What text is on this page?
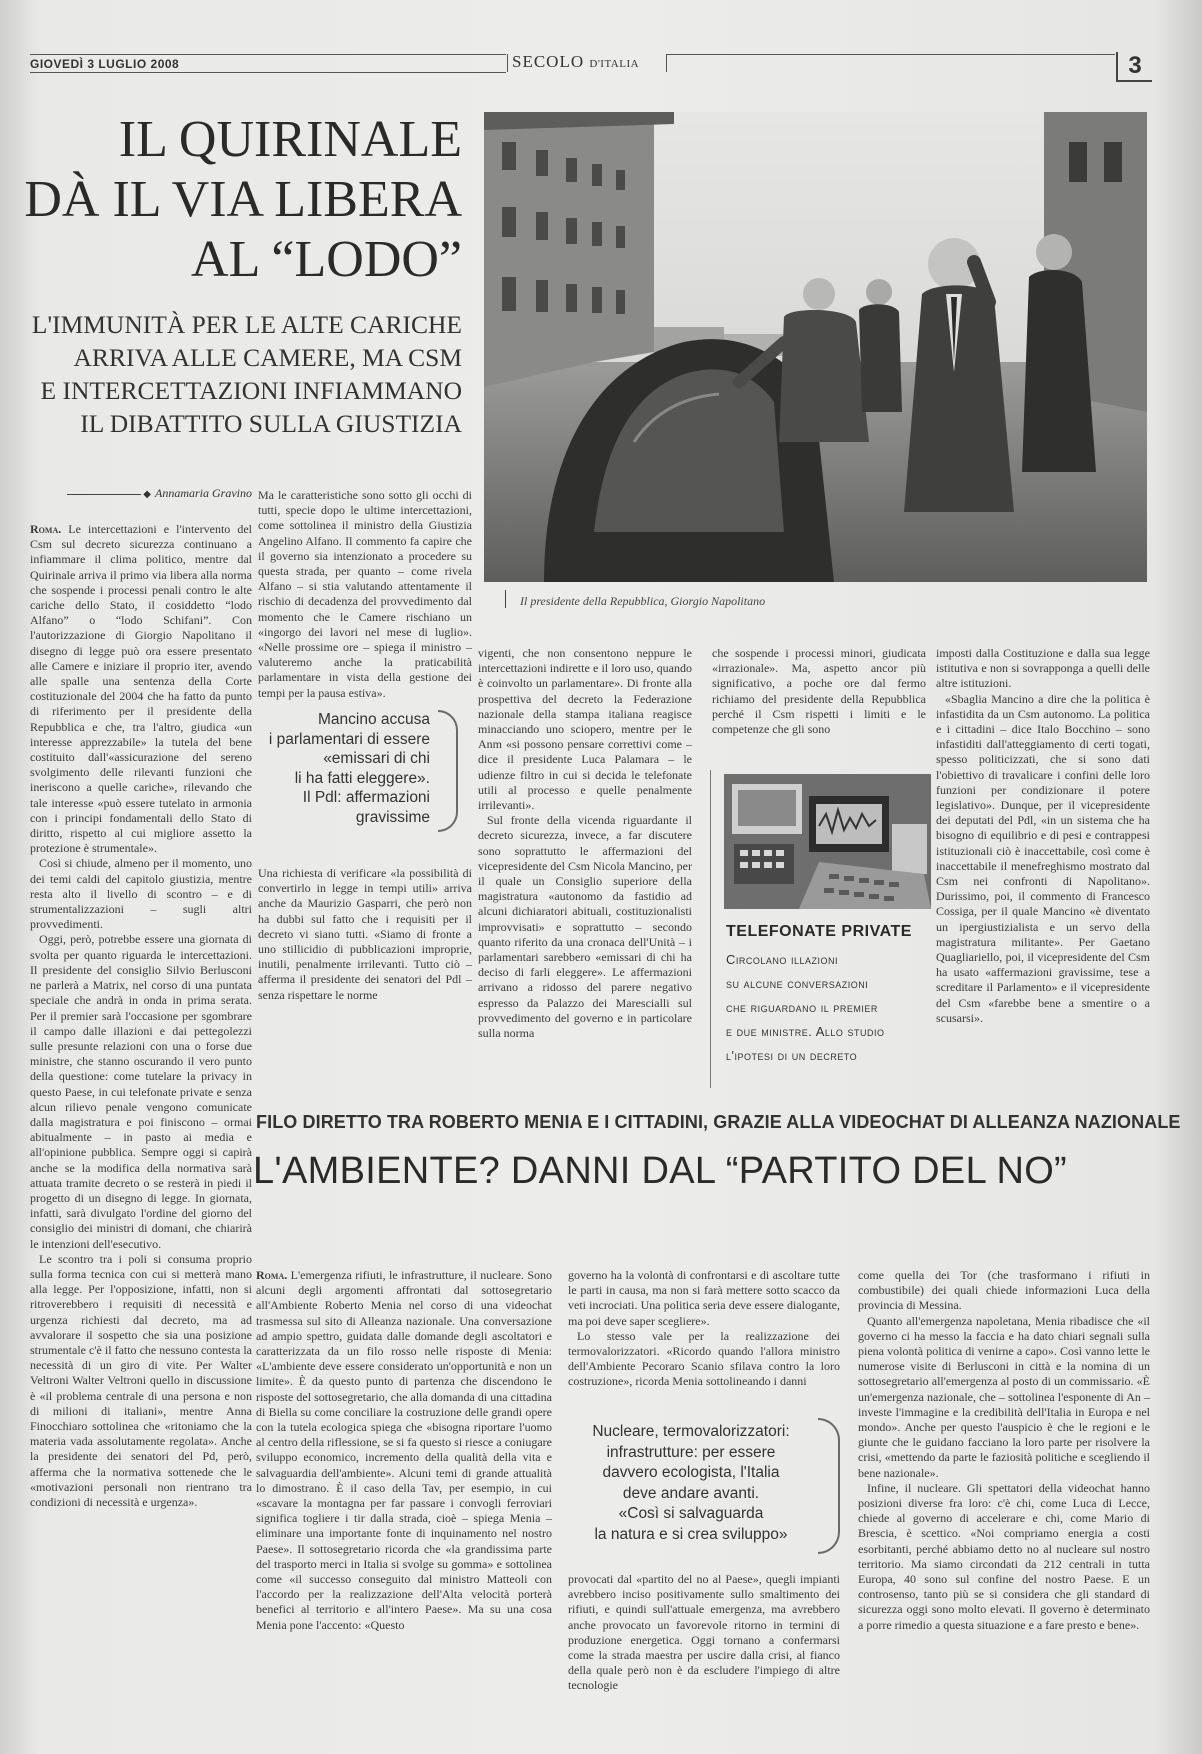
GIOVEDÌ 3 LUGLIO 2008	SECOLO D'ITALIA	3
IL QUIRINALE
DÀ IL VIA LIBERA
AL “LODO”
L'IMMUNITÀ PER LE ALTE CARICHE
ARRIVA ALLE CAMERE, MA CSM
E INTERCETTAZIONI INFIAMMANO
IL DIBATTITO SULLA GIUSTIZIA
Il presidente della Repubblica, Giorgio Napolitano
◆ Annamaria Gravino

Roma. Le intercettazioni e l'intervento del Csm sul decreto sicurezza continuano a infiammare il clima politico, mentre dal Quirinale arriva il primo via libera alla norma che sospende i processi penali contro le alte cariche dello Stato, il cosiddetto “lodo Alfano” o “lodo Schifani”. Con l'autorizzazione di Giorgio Napolitano il disegno di legge può ora essere presentato alle Camere e iniziare il proprio iter, avendo alle spalle una sentenza della Corte costituzionale del 2004 che ha fatto da punto di riferimento per il presidente della Repubblica e che, tra l'altro, giudica «un interesse apprezzabile» la tutela del bene costituito dall'«assicurazione del sereno svolgimento delle rilevanti funzioni che ineriscono a quelle cariche», rilevando che tale interesse «può essere tutelato in armonia con i principi fondamentali dello Stato di diritto, rispetto al cui migliore assetto la protezione è strumentale».

Così si chiude, almeno per il momento, uno dei temi caldi del capitolo giustizia, mentre resta alto il livello di scontro – e di strumentalizzazioni – sugli altri provvedimenti.

Oggi, però, potrebbe essere una giornata di svolta per quanto riguarda le intercettazioni. Il presidente del consiglio Silvio Berlusconi ne parlerà a Matrix, nel corso di una puntata speciale che andrà in onda in prima serata. Per il premier sarà l'occasione per sgombrare il campo dalle illazioni e dai pettegolezzi sulle presunte relazioni con una o forse due ministre, che stanno oscurando il vero punto della questione: come tutelare la privacy in questo Paese, in cui telefonate private e senza alcun rilievo penale vengono comunicate dalla magistratura e poi finiscono – ormai abitualmente – in pasto ai media e all'opinione pubblica. Sempre oggi si capirà anche se la modifica della normativa sarà attuata tramite decreto o se resterà in piedi il progetto di un disegno di legge. In giornata, infatti, sarà divulgato l'ordine del giorno del consiglio dei ministri di domani, che chiarirà le intenzioni dell'esecutivo.

Le scontro tra i poli si consuma proprio sulla forma tecnica con cui si metterà mano alla legge. Per l'opposizione, infatti, non si ritroverebbero i requisiti di necessità e urgenza richiesti dal decreto, ma ad avvalorare il sospetto che sia una posizione strumentale c'è il fatto che nessuno contesta la necessità di un giro di vite. Per Walter Veltroni Walter Veltroni quello in discussione è «il problema centrale di una persona e non di milioni di italiani», mentre Anna Finocchiaro sottolinea che «ritoniamo che la materia vada assolutamente regolata». Anche la presidente dei senatori del Pd, però, afferma che la normativa sottenede che le «motivazioni personali non rientrano tra condizioni di necessità e urgenza».

Ma le caratteristiche sono sotto gli occhi di tutti, specie dopo le ultime intercettazioni, come sottolinea il ministro della Giustizia Angelino Alfano. Il commento fa capire che il governo sia intenzionato a procedere su questa strada, per quanto – come rivela Alfano – si stia valutando attentamente il rischio di decadenza del provvedimento dal momento che le Camere rischiano un «ingorgo dei lavori nel mese di luglio». «Nelle prossime ore – spiega il ministro – valuteremo anche la praticabilità parlamentare in vista della gestione dei tempi per la pausa estiva».

Mancino accusa
i parlamentari di essere
«emissari di chi
li ha fatti eleggere».
Il Pdl: affermazioni
gravissime

Una richiesta di verificare «la possibilità di convertirlo in legge in tempi utili» arriva anche da Maurizio Gasparri, che però non ha dubbi sul fatto che i requisiti per il decreto vi siano tutti. «Siamo di fronte a uno stillicidio di pubblicazioni improprie, inutili, penalmente irrilevanti. Tutto ciò – afferma il presidente dei senatori del Pdl – senza rispettare le norme

vigenti, che non consentono neppure le intercettazioni indirette e il loro uso, quando è coinvolto un parlamentare». Di fronte alla prospettiva del decreto la Federazione nazionale della stampa italiana reagisce minacciando uno sciopero, mentre per le Anm «si possono pensare correttivi come – dice il presidente Luca Palamara – le udienze filtro in cui si decida le telefonate utili al processo e quelle penalmente irrilevanti».

Sul fronte della vicenda riguardante il decreto sicurezza, invece, a far discutere sono soprattutto le affermazioni del vicepresidente del Csm Nicola Mancino, per il quale un Consiglio superiore della magistratura «autonomo da fastidio ad alcuni dichiaratori abituali, costituzionalisti improvvisati» e soprattutto – secondo quanto riferito da una cronaca dell'Unità – i parlamentari sarebbero «emissari di chi ha deciso di farli eleggere». Le affermazioni arrivano a ridosso del parere negativo espresso da Palazzo dei Marescialli sul provvedimento del governo e in particolare sulla norma

che sospende i processi minori, giudicata «irrazionale». Ma, aspetto ancor più significativo, a poche ore dal fermo richiamo del presidente della Repubblica perché il Csm rispetti i limiti e le competenze che gli sono

TELEFONATE PRIVATE
Circolano illazioni
su alcune conversazioni
che riguardano il premier
e due ministre. Allo studio
l'ipotesi di un decreto

imposti dalla Costituzione e dalla sua legge istitutiva e non si sovrapponga a quelli delle altre istituzioni.

«Sbaglia Mancino a dire che la politica è infastidita da un Csm autonomo. La politica e i cittadini – dice Italo Bocchino – sono infastiditi dall'atteggiamento di certi togati, spesso politicizzati, che si sono dati l'obiettivo di travalicare i confini delle loro funzioni per condizionare il potere legislativo». Dunque, per il vicepresidente dei deputati del Pdl, «in un sistema che ha bisogno di equilibrio e di pesi e contrappesi istituzionali ciò è inaccettabile, così come è inaccettabile il menefreghismo mostrato dal Csm nei confronti di Napolitano». Durissimo, poi, il commento di Francesco Cossiga, per il quale Mancino «è diventato un ipergiustizialista e un servo della magistratura militante». Per Gaetano Quagliariello, poi, il vicepresidente del Csm ha usato «affermazioni gravissime, tese a screditare il Parlamento» e il vicepresidente del Csm «farebbe bene a smentire o a scusarsi».

FILO DIRETTO TRA ROBERTO MENIA E I CITTADINI, GRAZIE ALLA VIDEOCHAT DI ALLEANZA NAZIONALE
L'AMBIENTE? DANNI DAL “PARTITO DEL NO”

Roma. L'emergenza rifiuti, le infrastrutture, il nucleare. Sono alcuni degli argomenti affrontati dal sottosegretario all'Ambiente Roberto Menia nel corso di una videochat trasmessa sul sito di Alleanza nazionale. Una conversazione ad ampio spettro, guidata dalle domande degli ascoltatori e caratterizzata da un filo rosso nelle risposte di Menia: «L'ambiente deve essere considerato un'opportunità e non un limite». È da questo punto di partenza che discendono le risposte del sottosegretario, che alla domanda di una cittadina di Biella su come conciliare la costruzione delle grandi opere con la tutela ecologica spiega che «bisogna riportare l'uomo al centro della riflessione, se si fa questo si riesce a coniugare sviluppo economico, incremento della qualità della vita e salvaguardia dell'ambiente». Alcuni temi di grande attualità lo dimostrano. È il caso della Tav, per esempio, in cui «scavare la montagna per far passare i convogli ferroviari significa togliere i tir dalla strada, cioè – spiega Menia – eliminare una importante fonte di inquinamento nel nostro Paese». Il sottosegretario ricorda che «la grandissima parte del trasporto merci in Italia si svolge su gomma» e sottolinea come «il successo conseguito dal ministro Matteoli con l'accordo per la realizzazione dell'Alta velocità porterà benefici al territorio e all'intero Paese». Ma su una cosa Menia pone l'accento: «Questo

governo ha la volontà di confrontarsi e di ascoltare tutte le parti in causa, ma non si farà mettere sotto scacco da veti incrociati. Una politica seria deve essere dialogante, ma poi deve saper scegliere».

Lo stesso vale per la realizzazione dei termovalorizzatori. «Ricordo quando l'allora ministro dell'Ambiente Pecoraro Scanio sfilava contro la loro costruzione», ricorda Menia sottolineando i danni

Nucleare, termovalorizzatori:
infrastrutture: per essere
davvero ecologista, l'Italia
deve andare avanti.
«Così si salvaguarda
la natura e si crea sviluppo»

provocati dal «partito del no al Paese», quegli impianti avrebbero inciso positivamente sullo smaltimento dei rifiuti, e quindi sull'attuale emergenza, ma avrebbero anche provocato un favorevole ritorno in termini di produzione energetica. Oggi tornano a confermarsi come la strada maestra per uscire dalla crisi, al fianco della quale però non è da escludere l'impiego di altre tecnologie

come quella dei Tor (che trasformano i rifiuti in combustibile) dei quali chiede informazioni Luca della provincia di Messina.

Quanto all'emergenza napoletana, Menia ribadisce che «il governo ci ha messo la faccia e ha dato chiari segnali sulla piena volontà politica di venirne a capo». Così vanno lette le numerose visite di Berlusconi in città e la nomina di un sottosegretario all'emergenza al posto di un commissario. «È un'emergenza nazionale, che – sottolinea l'esponente di An – investe l'immagine e la credibilità dell'Italia in Europa e nel mondo». Anche per questo l'auspicio è che le regioni e le giunte che le guidano facciano la loro parte per risolvere la crisi, «mettendo da parte le faziosità politiche e scegliendo il bene nazionale».

Infine, il nucleare. Gli spettatori della videochat hanno posizioni diverse fra loro: c'è chi, come Luca di Lecce, chiede al governo di accelerare e chi, come Mario di Brescia, è scettico. «Noi compriamo energia a costi esorbitanti, perché abbiamo detto no al nucleare sul nostro territorio. Ma siamo circondati da 212 centrali in tutta Europa, 40 sono sul confine del nostro Paese. E un controsenso, tanto più se si considera che gli standard di sicurezza oggi sono molto elevati. Il governo è determinato a porre rimedio a questa situazione e a fare presto e bene».
